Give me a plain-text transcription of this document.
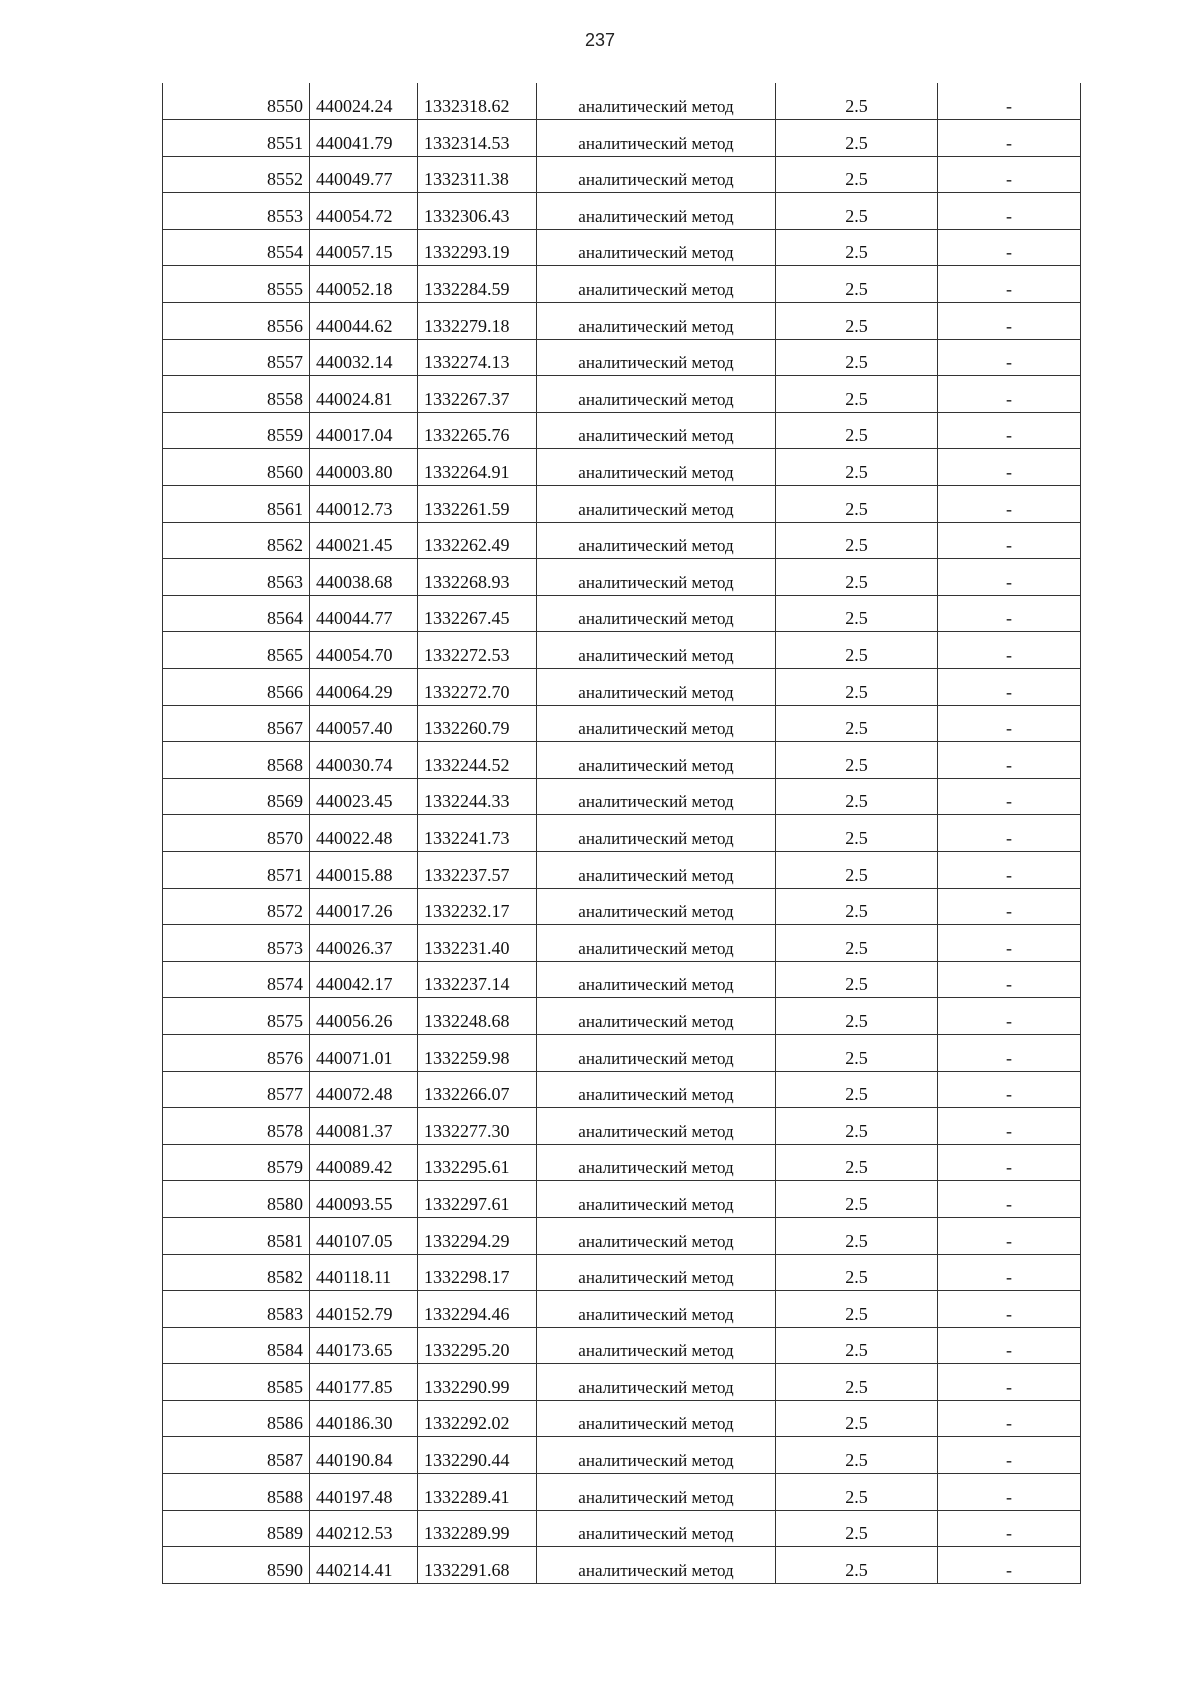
237
8550	440024.24	1332318.62	аналитический метод	2.5	-
8551	440041.79	1332314.53	аналитический метод	2.5	-
8552	440049.77	1332311.38	аналитический метод	2.5	-
8553	440054.72	1332306.43	аналитический метод	2.5	-
8554	440057.15	1332293.19	аналитический метод	2.5	-
8555	440052.18	1332284.59	аналитический метод	2.5	-
8556	440044.62	1332279.18	аналитический метод	2.5	-
8557	440032.14	1332274.13	аналитический метод	2.5	-
8558	440024.81	1332267.37	аналитический метод	2.5	-
8559	440017.04	1332265.76	аналитический метод	2.5	-
8560	440003.80	1332264.91	аналитический метод	2.5	-
8561	440012.73	1332261.59	аналитический метод	2.5	-
8562	440021.45	1332262.49	аналитический метод	2.5	-
8563	440038.68	1332268.93	аналитический метод	2.5	-
8564	440044.77	1332267.45	аналитический метод	2.5	-
8565	440054.70	1332272.53	аналитический метод	2.5	-
8566	440064.29	1332272.70	аналитический метод	2.5	-
8567	440057.40	1332260.79	аналитический метод	2.5	-
8568	440030.74	1332244.52	аналитический метод	2.5	-
8569	440023.45	1332244.33	аналитический метод	2.5	-
8570	440022.48	1332241.73	аналитический метод	2.5	-
8571	440015.88	1332237.57	аналитический метод	2.5	-
8572	440017.26	1332232.17	аналитический метод	2.5	-
8573	440026.37	1332231.40	аналитический метод	2.5	-
8574	440042.17	1332237.14	аналитический метод	2.5	-
8575	440056.26	1332248.68	аналитический метод	2.5	-
8576	440071.01	1332259.98	аналитический метод	2.5	-
8577	440072.48	1332266.07	аналитический метод	2.5	-
8578	440081.37	1332277.30	аналитический метод	2.5	-
8579	440089.42	1332295.61	аналитический метод	2.5	-
8580	440093.55	1332297.61	аналитический метод	2.5	-
8581	440107.05	1332294.29	аналитический метод	2.5	-
8582	440118.11	1332298.17	аналитический метод	2.5	-
8583	440152.79	1332294.46	аналитический метод	2.5	-
8584	440173.65	1332295.20	аналитический метод	2.5	-
8585	440177.85	1332290.99	аналитический метод	2.5	-
8586	440186.30	1332292.02	аналитический метод	2.5	-
8587	440190.84	1332290.44	аналитический метод	2.5	-
8588	440197.48	1332289.41	аналитический метод	2.5	-
8589	440212.53	1332289.99	аналитический метод	2.5	-
8590	440214.41	1332291.68	аналитический метод	2.5	-
